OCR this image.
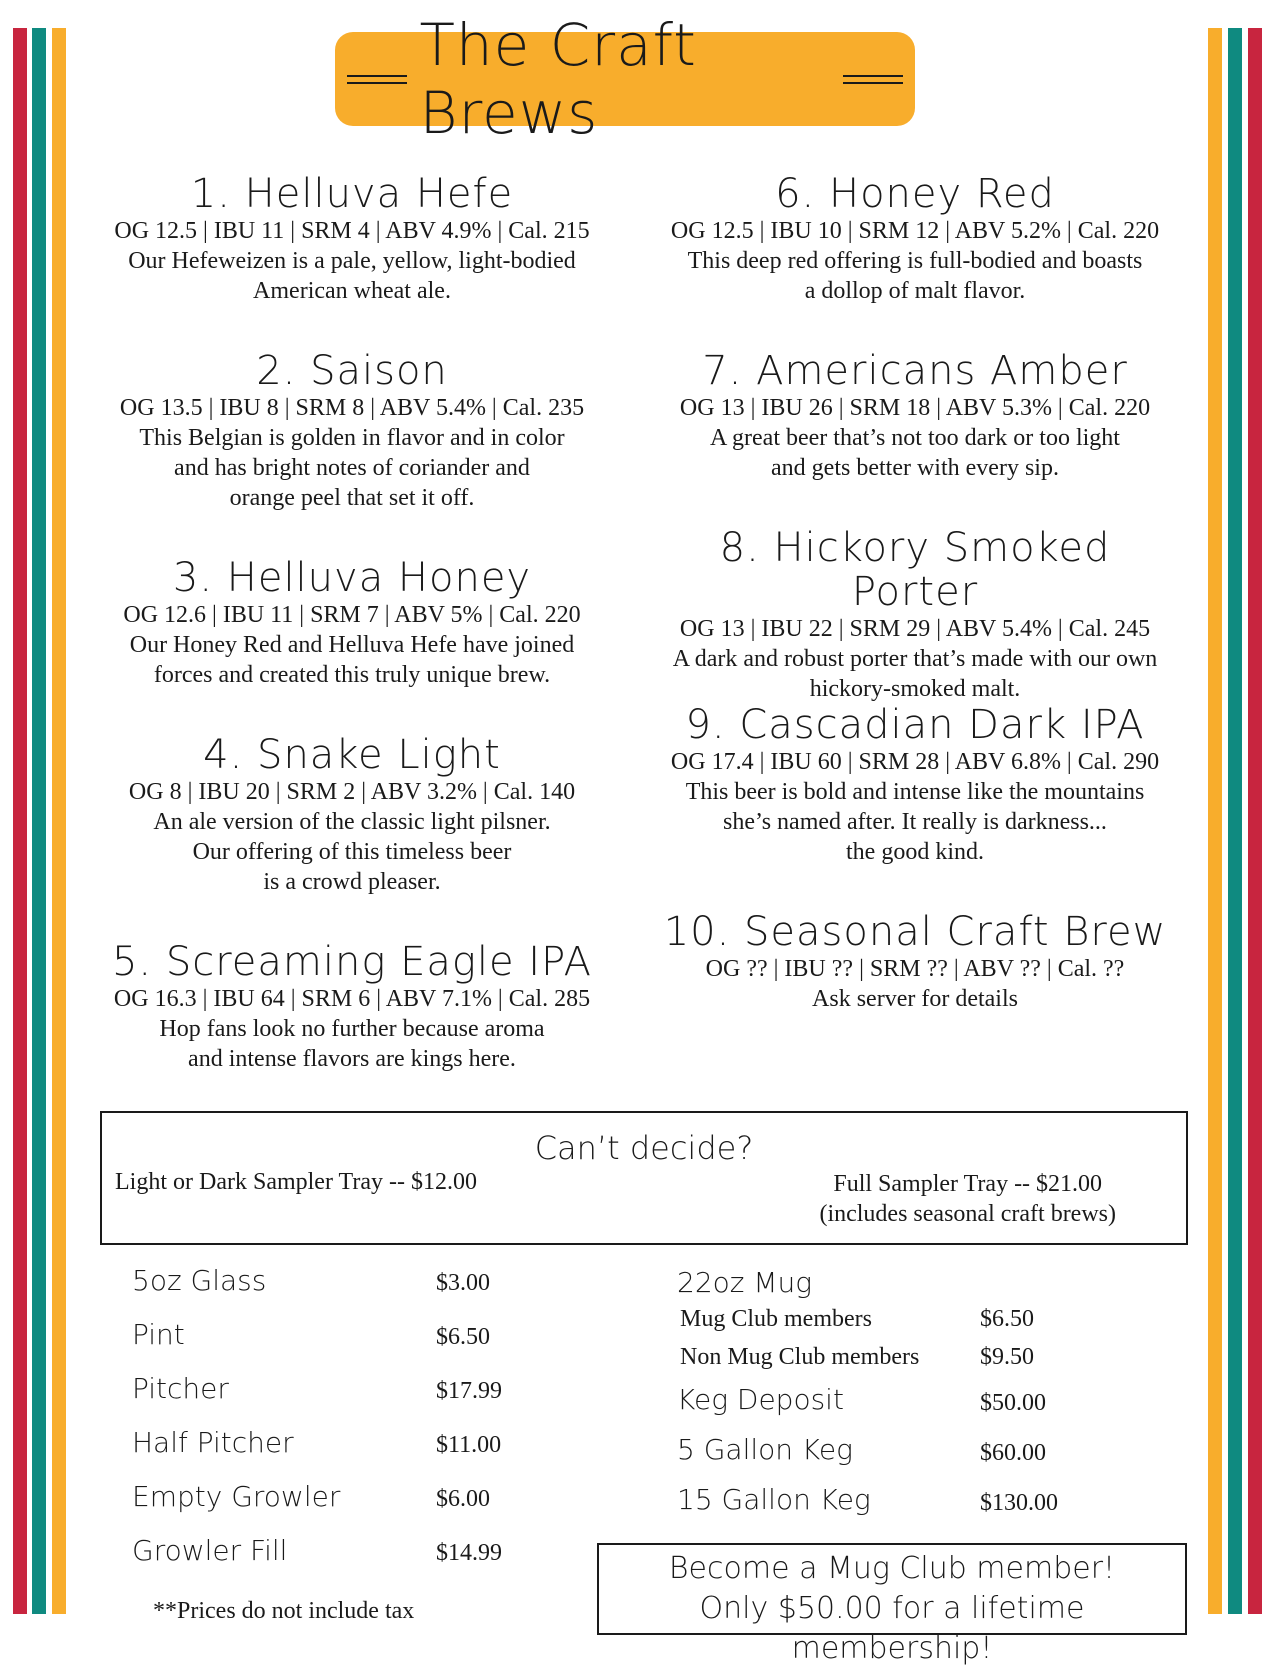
The Craft Brews
1. Helluva Hefe
OG 12.5 | IBU 11 | SRM 4 | ABV 4.9% | Cal. 215
Our Hefeweizen is a pale, yellow, light-bodied
American wheat ale.
2. Saison
OG 13.5 | IBU 8 | SRM 8 | ABV 5.4% | Cal. 235
This Belgian is golden in flavor and in color
and has bright notes of coriander and
orange peel that set it off.
3. Helluva Honey
OG 12.6 | IBU 11 | SRM 7 | ABV 5% | Cal. 220
Our Honey Red and Helluva Hefe have joined
forces and created this truly unique brew.
4. Snake Light
OG 8 | IBU 20 | SRM 2 | ABV 3.2% | Cal. 140
An ale version of the classic light pilsner.
Our offering of this timeless beer
is a crowd pleaser.
5. Screaming Eagle IPA
OG 16.3 | IBU 64 | SRM 6 | ABV 7.1% | Cal. 285
Hop fans look no further because aroma
and intense flavors are kings here.
6. Honey Red
OG 12.5 | IBU 10 | SRM 12 | ABV 5.2% | Cal. 220
This deep red offering is full-bodied and boasts
a dollop of malt flavor.
7. Americans Amber
OG 13 | IBU 26 | SRM 18 | ABV 5.3% | Cal. 220
A great beer that’s not too dark or too light
and gets better with every sip.
8. Hickory Smoked Porter
OG 13 | IBU 22 | SRM 29 | ABV 5.4% | Cal. 245
A dark and robust porter that’s made with our own
hickory-smoked malt.
9. Cascadian Dark IPA
OG 17.4 | IBU 60 | SRM 28 | ABV 6.8% | Cal. 290
This beer is bold and intense like the mountains
she’s named after. It really is darkness...
the good kind.
10. Seasonal Craft Brew
OG ?? | IBU ?? | SRM ?? | ABV ?? | Cal. ??
Ask server for details
Can’t decide?
Light or Dark Sampler Tray -- $12.00	Full Sampler Tray -- $21.00
(includes seasonal craft brews)
5oz Glass	$3.00
Pint	$6.50
Pitcher	$17.99
Half Pitcher	$11.00
Empty Growler	$6.00
Growler Fill	$14.99
22oz Mug
Mug Club members	$6.50
Non Mug Club members	$9.50
Keg Deposit	$50.00
5 Gallon Keg	$60.00
15 Gallon Keg	$130.00
Become a Mug Club member!
Only $50.00 for a lifetime membership!
**Prices do not include tax
